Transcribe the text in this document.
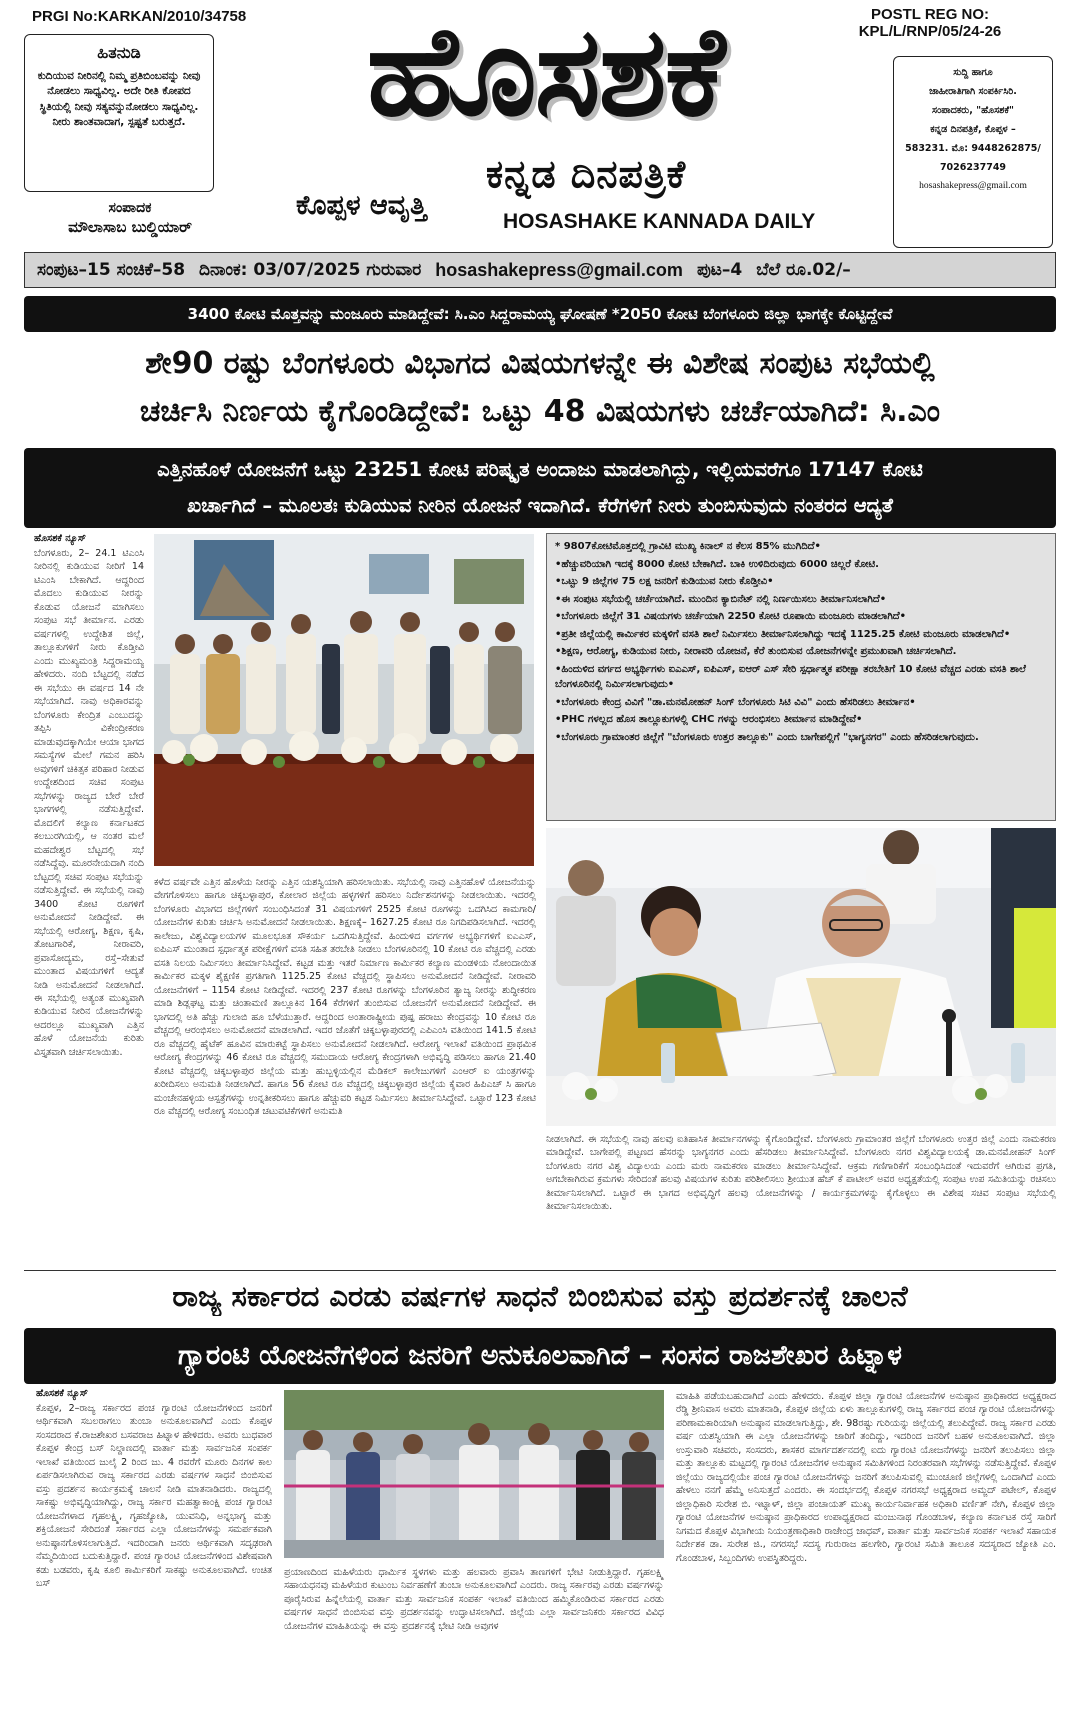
PRGI No:KARKAN/2010/34758	POSTL REG NO:
KPL/L/RNP/05/24-26
ಹಿತನುಡಿ
ಕುದಿಯುವ ನೀರಿನಲ್ಲಿ ನಿಮ್ಮ ಪ್ರತಿಬಿಂಬವನ್ನು ನೀವು ನೋಡಲು ಸಾಧ್ಯವಿಲ್ಲ. ಅದೇ ರೀತಿ ಕೋಪದ ಸ್ಥಿತಿಯಲ್ಲಿ ನೀವು ಸತ್ಯವನ್ನುನೋಡಲು ಸಾಧ್ಯವಿಲ್ಲ. ನೀರು ಶಾಂತವಾದಾಗ, ಸ್ಪಷ್ಟತೆ ಬರುತ್ತದೆ.
ಸಂಪಾದಕ
ಮೌಲಾಸಾಬ ಬುಲ್ಡಿಯಾರ್
ಹೊಸಶಕೆ
ಕೊಪ್ಪಳ ಆವೃತ್ತಿ
ಕನ್ನಡ ದಿನಪತ್ರಿಕೆ
HOSASHAKE KANNADA DAILY
ಸುದ್ದಿ ಹಾಗೂ
ಜಾಹೀರಾತಿಗಾಗಿ ಸಂಪರ್ಕಿಸಿರಿ.
ಸಂಪಾದಕರು, "ಹೊಸಶಕೆ"
ಕನ್ನಡ ದಿನಪತ್ರಿಕೆ, ಕೊಪ್ಪಳ –
583231. ಮೊ: 9448262875/
7026237749
hosashakepress@gmail.com
ಸಂಪುಟ–15 ಸಂಚಿಕೆ–58 ದಿನಾಂಕ: 03/07/2025 ಗುರುವಾರ hosashakepress@gmail.com ಪುಟ–4 ಬೆಲೆ ರೂ.02/–
3400 ಕೋಟಿ ಮೊತ್ತವನ್ನು ಮಂಜೂರು ಮಾಡಿದ್ದೇವೆ: ಸಿ.ಎಂ ಸಿದ್ದರಾಮಯ್ಯ ಘೋಷಣೆ *2050 ಕೋಟಿ ಬೆಂಗಳೂರು ಜಿಲ್ಲಾ ಭಾಗಕ್ಕೇ ಕೊಟ್ಟಿದ್ದೇವೆ
ಶೇ90 ರಷ್ಟು ಬೆಂಗಳೂರು ವಿಭಾಗದ ವಿಷಯಗಳನ್ನೇ ಈ ವಿಶೇಷ ಸಂಪುಟ ಸಭೆಯಲ್ಲಿ
ಚರ್ಚಿಸಿ ನಿರ್ಣಯ ಕೈಗೊಂಡಿದ್ದೇವೆ: ಒಟ್ಟು 48 ವಿಷಯಗಳು ಚರ್ಚೆಯಾಗಿದೆ: ಸಿ.ಎಂ
ಎತ್ತಿನಹೊಳೆ ಯೋಜನೆಗೆ ಒಟ್ಟು 23251 ಕೋಟಿ ಪರಿಷ್ಕೃತ ಅಂದಾಜು ಮಾಡಲಾಗಿದ್ದು, ಇಲ್ಲಿಯವರೆಗೂ 17147 ಕೋಟಿ
ಖರ್ಚಾಗಿದೆ – ಮೂಲತಃ ಕುಡಿಯುವ ನೀರಿನ ಯೋಜನೆ ಇದಾಗಿದೆ. ಕೆರೆಗಳಿಗೆ ನೀರು ತುಂಬಿಸುವುದು ನಂತರದ ಆದ್ಯತೆ
ಹೊಸಶಕೆ ನ್ಯೂಸ್
ಬೆಂಗಳೂರು, 2– 24.1 ಟಿಎಂಸಿ ನೀರಿನಲ್ಲಿ ಕುಡಿಯುವ ನೀರಿಗೆ 14 ಟಿಎಂಸಿ ಬೇಕಾಗಿದೆ. ಆದ್ದರಿಂದ ಮೊದಲು ಕುಡಿಯುವ ನೀರನ್ನು ಕೊಡುವ ಯೋಜನೆ ಮಾಗಿಸಲು ಸಂಪುಟ ಸಭೆ ತೀರ್ಮಾನ. ಎರಡು ವರ್ಷಗಳಲ್ಲಿ ಉದ್ದೇಶಿತ ಜಿಲ್ಲೆ, ತಾಲ್ಲೂಕುಗಳಿಗೆ ನೀರು ಕೊಡ್ತೀವಿ ಎಂದು ಮುಖ್ಯಮಂತ್ರಿ ಸಿದ್ದರಾಮಯ್ಯ ಹೇಳಿದರು. ನಂದಿ ಬೆಟ್ಟದಲ್ಲಿ ನಡೆದ ಈ ಸಭೆಯು ಈ ವರ್ಷದ 14 ನೇ ಸಭೆಯಾಗಿದೆ. ನಾವು ಅಧಿಕಾರವನ್ನು ಬೆಂಗಳೂರು ಕೇಂದ್ರಿತ ಎಂಬುದನ್ನು ತಪ್ಪಿಸಿ ವಿಕೇಂದ್ರೀಕರಣ ಮಾಡುವುದಕ್ಕಾಗಿಯೇ ಆಯಾ ಭಾಗದ ಸಮಸ್ಯೆಗಳ ಮೇಲೆ ಗಮನ ಹರಿಸಿ ಅವುಗಳಿಗೆ ಚಿಕಿತ್ಸಕ ಪರಿಹಾರ ನೀಡುವ ಉದ್ದೇಶದಿಂದ ಸಚಿವ ಸಂಪುಟ ಸಭೆಗಳನ್ನು ರಾಜ್ಯದ ಬೇರೆ ಬೇರೆ ಭಾಗಗಳಲ್ಲಿ ನಡೆಸುತ್ತಿದ್ದೇವೆ. ಮೊದಲಿಗೆ ಕಲ್ಯಾಣ ಕರ್ನಾಟಕದ ಕಲಬುರಗಿಯಲ್ಲಿ, ಆ ನಂತರ ಮಲೆ ಮಹದೇಶ್ವರ ಬೆಟ್ಟದಲ್ಲಿ ಸಭೆ ನಡೆಸಿದ್ದೆವು. ಮೂರನೇಯದಾಗಿ ನಂದಿ ಬೆಟ್ಟದಲ್ಲಿ ಸಚಿವ ಸಂಪುಟ ಸಭೆಯನ್ನು ನಡೆಸುತ್ತಿದ್ದೇವೆ. ಈ ಸಭೆಯಲ್ಲಿ ನಾವು 3400 ಕೋಟಿ ರೂಗಳಿಗೆ ಅನುಮೋದನೆ ನೀಡಿದ್ದೇವೆ. ಈ ಸಭೆಯಲ್ಲಿ ಆರೋಗ್ಯ, ಶಿಕ್ಷಣ, ಕೃಷಿ, ತೋಟಗಾರಿಕೆ, ನೀರಾವರಿ, ಪ್ರವಾಸೋದ್ಯಮ, ರಸ್ತೆ–ಸೇತುವೆ ಮುಂತಾದ ವಿಷಯಗಳಿಗೆ ಆದ್ಯತೆ ನೀಡಿ ಅನುಮೋದನೆ ನೀಡಲಾಗಿದೆ. ಈ ಸಭೆಯಲ್ಲಿ ಅತ್ಯಂತ ಮುಖ್ಯವಾಗಿ ಕುಡಿಯುವ ನೀರಿನ ಯೋಜನೆಗಳನ್ನು ಆದರಲ್ಲೂ ಮುಖ್ಯವಾಗಿ ಎತ್ತಿನ ಹೊಳೆ ಯೋಜನೆಯ ಕುರಿತು ವಿಸ್ತೃತವಾಗಿ ಚರ್ಚಿಸಲಾಯಿತು.

* 9807ಕೋಟಿಮೊತ್ತದಲ್ಲಿ ಗ್ರಾವಿಟಿ ಮುಖ್ಯ ಕಿನಾಲ್ ನ ಕೆಲಸ 85% ಮುಗಿದಿದೆ•

•ಹೆಚ್ಚುವರಿಯಾಗಿ ಇದಕ್ಕೆ 8000 ಕೋಟಿ ಬೇಕಾಗಿದೆ. ಬಾಕಿ ಉಳಿದಿರುವುದು 6000 ಚಿಲ್ಲರೆ ಕೋಟಿ.

•ಒಟ್ಟು 9 ಜಿಲ್ಲೆಗಳ 75 ಲಕ್ಷ ಜನರಿಗೆ ಕುಡಿಯುವ ನೀರು ಕೊಡ್ತೀವಿ•

•ಈ ಸಂಪುಟ ಸಭೆಯಲ್ಲಿ ಚರ್ಚೆಯಾಗಿದೆ. ಮುಂದಿನ ಕ್ಯಾಬಿನೆಟ್ ನಲ್ಲಿ ನಿರ್ಣಯಿಸಲು ತೀರ್ಮಾನಿಸಲಾಗಿದೆ•

•ಬೆಂಗಳೂರು ಜಿಲ್ಲೆಗೆ 31 ವಿಷಯಗಳು ಚರ್ಚೆಯಾಗಿ 2250 ಕೋಟಿ ರೂಪಾಯಿ ಮಂಜೂರು ಮಾಡಲಾಗಿದೆ•

•ಪ್ರತೀ ಜಿಲ್ಲೆಯಲ್ಲಿ ಕಾರ್ಮಿಕರ ಮಕ್ಕಳಿಗೆ ವಸತಿ ಶಾಲೆ ನಿರ್ಮಿಸಲು ತೀರ್ಮಾನಿಸಲಾಗಿದ್ದು ಇದಕ್ಕೆ 1125.25 ಕೋಟಿ ಮಂಜೂರು ಮಾಡಲಾಗಿದೆ•

•ಶಿಕ್ಷಣ, ಆರೋಗ್ಯ, ಕುಡಿಯುವ ನೀರು, ನೀರಾವರಿ ಯೋಜನೆ, ಕೆರೆ ತುಂಬಿಸುವ ಯೋಜನೆಗಳನ್ನೇ ಪ್ರಮುಖವಾಗಿ ಚರ್ಚಿಸಲಾಗಿದೆ.

•ಹಿಂದುಳಿದ ವರ್ಗದ ಅಭ್ಯರ್ಥಿಗಳು ಐಎಎಸ್, ಐಪಿಎಸ್, ಐಆರ್ ಎಸ್ ಸೇರಿ ಸ್ಪರ್ಧಾತ್ಮಕ ಪರೀಕ್ಷಾ ತರಬೇತಿಗೆ 10 ಕೋಟಿ ವೆಚ್ಚದ ಎರಡು ವಸತಿ ಶಾಲೆ ಬೆಂಗಳೂರಿನಲ್ಲಿ ನಿರ್ಮಿಸಲಾಗುವುದು•

•ಬೆಂಗಳೂರು ಕೇಂದ್ರ ವಿವಿಗೆ "ಡಾ.ಮನಮೋಹನ್ ಸಿಂಗ್ ಬೆಂಗಳೂರು ಸಿಟಿ ವಿವಿ" ಎಂದು ಹೆಸರಿಡಲು ತೀರ್ಮಾನ•

•PHC ಗಳಲ್ಲದ ಹೊಸ ತಾಲ್ಲೂಕುಗಳಲ್ಲಿ CHC ಗಳನ್ನು ಆರಂಭಿಸಲು ತೀರ್ಮಾನ ಮಾಡಿದ್ದೇವೆ•

•ಬೆಂಗಳೂರು ಗ್ರಾಮಾಂತರ ಜಿಲ್ಲೆಗೆ "ಬೆಂಗಳೂರು ಉತ್ತರ ತಾಲ್ಲೂಕು" ಎಂದು ಬಾಗೇಪಲ್ಲಿಗೆ "ಭಾಗ್ಯನಗರ" ಎಂದು ಹೆಸರಿಡಲಾಗುವುದು.

ಕಳೆದ ವರ್ಷವೇ ಎತ್ತಿನ ಹೊಳೆಯ ನೀರನ್ನು ಎತ್ತಿನ ಯಶಸ್ವಿಯಾಗಿ ಹರಿಸಲಾಯಿತು. ಸಭೆಯಲ್ಲಿ ನಾವು ಎತ್ತಿನಹೊಳೆ ಯೋಜನೆಯನ್ನು ವೇಗಗೊಳಿಸಲು ಹಾಗೂ ಚಿಕ್ಕಬಳ್ಳಾಪುರ, ಕೋಲಾರ ಜಿಲ್ಲೆಯ ಹಳ್ಳಗಳಿಗೆ ಹರಿಸಲು ನಿರ್ದೇಶನಗಳನ್ನು ನೀಡಲಾಯಿತು. ಇದರಲ್ಲಿ ಬೆಂಗಳೂರು ವಿಭಾಗದ ಜಿಲ್ಲೆಗಳಿಗೆ ಸಂಬಂಧಿಸಿದಂತೆ 31 ವಿಷಯಗಳಿಗೆ 2525 ಕೋಟಿ ರೂಗಳನ್ನು ಒದಗಿಸಿದ ಕಾಮಗಾರಿ/ಯೋಜನೆಗಳ ಕುರಿತು ಚರ್ಚಿಸಿ ಅನುಮೋದನೆ ನೀಡಲಾಯಿತು. ಶಿಕ್ಷಣಕ್ಕೆ– 1627.25 ಕೋಟಿ ರೂ ನಿಗದಿಪಡಿಸಲಾಗಿದೆ. ಇದರಲ್ಲಿ ಕಾಲೇಜು, ವಿಶ್ವವಿದ್ಯಾಲಯಗಳ ಮೂಲಭೂತ ಸೌಕರ್ಯ ಒದಗಿಸುತ್ತಿದ್ದೇವೆ. ಹಿಂದುಳಿದ ವರ್ಗಗಳ ಅಭ್ಯರ್ಥಿಗಳಿಗೆ ಐಎಎಸ್, ಐಪಿಎಸ್ ಮುಂತಾದ ಸ್ಪರ್ಧಾತ್ಮಕ ಪರೀಕ್ಷೆಗಳಿಗೆ ವಸತಿ ಸಹಿತ ತರಬೇತಿ ನೀಡಲು ಬೆಂಗಳೂರಿನಲ್ಲಿ 10 ಕೋಟಿ ರೂ ವೆಚ್ಚದಲ್ಲಿ ಎರಡು ವಸತಿ ನಿಲಯ ನಿರ್ಮಿಸಲು ತೀರ್ಮಾನಿಸಿದ್ದೇವೆ. ಕಟ್ಟಡ ಮತ್ತು ಇತರೆ ನಿರ್ಮಾಣ ಕಾರ್ಮಿಕರ ಕಲ್ಯಾಣ ಮಂಡಳಿಯ ನೋಂದಾಯಿತ ಕಾರ್ಮಿಕರ ಮಕ್ಕಳ ಶೈಕ್ಷಣಿಕ ಪ್ರಗತಿಗಾಗಿ 1125.25 ಕೋಟಿ ವೆಚ್ಚದಲ್ಲಿ ಸ್ಥಾಪಿಸಲು ಅನುಮೋದನೆ ನೀಡಿದ್ದೇವೆ. ನೀರಾವರಿ ಯೋಜನೆಗಳಿಗೆ – 1154 ಕೋಟಿ ನೀಡಿದ್ದೇವೆ. ಇದರಲ್ಲಿ 237 ಕೋಟಿ ರೂಗಳನ್ನು ಬೆಂಗಳೂರಿನ ತ್ಯಾಜ್ಯ ನೀರನ್ನು ಶುದ್ಧೀಕರಣ ಮಾಡಿ ಶಿಡ್ಲಘಟ್ಟ ಮತ್ತು ಚಿಂತಾಮಣಿ ತಾಲ್ಲೂಕಿನ 164 ಕೆರೆಗಳಿಗೆ ತುಂಬಿಸುವ ಯೋಜನೆಗೆ ಅನುಮೋದನೆ ನೀಡಿದ್ದೇವೆ. ಈ ಭಾಗದಲ್ಲಿ ಅತಿ ಹೆಚ್ಚು ಗುಲಾಬಿ ಹೂ ಬೆಳೆಯುತ್ತಾರೆ. ಆದ್ದರಿಂದ ಅಂತಾರಾಷ್ಟ್ರೀಯ ಪುಷ್ಪ ಹರಾಜು ಕೇಂದ್ರವನ್ನು 10 ಕೋಟಿ ರೂ ವೆಚ್ಚದಲ್ಲಿ ಆರಂಭಿಸಲು ಅನುಮೋದನೆ ಮಾಡಲಾಗಿದೆ. ಇದರ ಜೊತೆಗೆ ಚಿಕ್ಕಬಳ್ಳಾಪುರದಲ್ಲಿ ಎಪಿಎಂಸಿ ವತಿಯಿಂದ 141.5 ಕೋಟಿ ರೂ ವೆಚ್ಚದಲ್ಲಿ ಹೈಟೆಕ್ ಹೂವಿನ ಮಾರುಕಟ್ಟೆ ಸ್ಥಾಪಿಸಲು ಅನುಮೋದನೆ ನೀಡಲಾಗಿದೆ. ಆರೋಗ್ಯ ಇಲಾಖೆ ವತಿಯಿಂದ ಪ್ರಾಥಮಿಕ ಆರೋಗ್ಯ ಕೇಂದ್ರಗಳನ್ನು 46 ಕೋಟಿ ರೂ ವೆಚ್ಚದಲ್ಲಿ ಸಮುದಾಯ ಆರೋಗ್ಯ ಕೇಂದ್ರಗಳಾಗಿ ಅಭಿವೃದ್ಧಿ ಪಡಿಸಲು ಹಾಗೂ 21.40 ಕೋಟಿ ವೆಚ್ಚದಲ್ಲಿ ಚಿಕ್ಕಬಳ್ಳಾಪುರ ಜಿಲ್ಲೆಯ ಮತ್ತು ಹುಬ್ಬಳ್ಳಿಯಲ್ಲಿನ ಮೆಡಿಕಲ್ ಕಾಲೇಜುಗಳಿಗೆ ಎಂಆರ್ ಐ ಯಂತ್ರಗಳನ್ನು ಖರೀದಿಸಲು ಅನುಮತಿ ನೀಡಲಾಗಿದೆ. ಹಾಗೂ 56 ಕೋಟಿ ರೂ ವೆಚ್ಚದಲ್ಲಿ ಚಿಕ್ಕಬಳ್ಳಾಪುರ ಜಿಲ್ಲೆಯ ಕೈವಾರ ಹಿಪಿಎಚ್ ಸಿ ಹಾಗೂ ಮಂಚೇನಹಳ್ಳಿಯ ಆಸ್ಪತ್ರೆಗಳನ್ನು ಉನ್ನತೀಕರಿಸಲು ಹಾಗೂ ಹೆಚ್ಚುವರಿ ಕಟ್ಟಡ ನಿರ್ಮಿಸಲು ತೀರ್ಮಾನಿಸಿದ್ದೇವೆ. ಒಟ್ಟಾರೆ 123 ಕೋಟಿ ರೂ ವೆಚ್ಚದಲ್ಲಿ ಆರೋಗ್ಯ ಸಂಬಂಧಿತ ಚಟುವಟಿಕೆಗಳಿಗೆ ಅನುಮತಿ
ನೀಡಲಾಗಿದೆ. ಈ ಸಭೆಯಲ್ಲಿ ನಾವು ಹಲವು ಐತಿಹಾಸಿಕ ತೀರ್ಮಾನಗಳನ್ನು ಕೈಗೊಂಡಿದ್ದೇವೆ. ಬೆಂಗಳೂರು ಗ್ರಾಮಾಂತರ ಜಿಲ್ಲೆಗೆ ಬೆಂಗಳೂರು ಉತ್ತರ ಜಿಲ್ಲೆ ಎಂದು ನಾಮಕರಣ ಮಾಡಿದ್ದೇವೆ. ಬಾಗೇಪಲ್ಲಿ ಪಟ್ಟಣದ ಹೆಸರನ್ನು ಭಾಗ್ಯನಗರ ಎಂದು ಹೆಸರಿಡಲು ತೀರ್ಮಾನಿಸಿದ್ದೇವೆ. ಬೆಂಗಳೂರು ನಗರ ವಿಶ್ವವಿದ್ಯಾಲಯಕ್ಕೆ ಡಾ.ಮನಮೋಹನ್ ಸಿಂಗ್ ಬೆಂಗಳೂರು ನಗರ ವಿಶ್ವ ವಿದ್ಯಾಲಯ ಎಂದು ಮರು ನಾಮಕರಣ ಮಾಡಲು ತೀರ್ಮಾನಿಸಿದ್ದೇವೆ. ಆಕ್ರಮ ಗಣಿಗಾರಿಕೆಗೆ ಸಂಬಂಧಿಸಿದಂತೆ ಇದುವರೆಗೆ ಆಗಿರುವ ಪ್ರಗತಿ, ಅಗಬೇಕಾಗಿರುವ ಕ್ರಮಗಳು ಸೇರಿದಂತೆ ಹಲವು ವಿಷಯಗಳ ಕುರಿತು ಪರಿಶೀಲಿಸಲು ಶ್ರೀಯುತ ಹೆಚ್ ಕೆ ಪಾಟೀಲ್ ಅವರ ಅಧ್ಯಕ್ಷತೆಯಲ್ಲಿ ಸಂಪುಟ ಉಪ ಸಮಿತಿಯನ್ನು ರಚಿಸಲು ತೀರ್ಮಾನಿಸಲಾಗಿದೆ. ಒಟ್ಟಾರೆ ಈ ಭಾಗದ ಅಭಿವೃದ್ಧಿಗೆ ಹಲವು ಯೋಜನೆಗಳನ್ನು / ಕಾರ್ಯಕ್ರಮಗಳನ್ನು ಕೈಗೊಳ್ಳಲು ಈ ವಿಶೇಷ ಸಚಿವ ಸಂಪುಟ ಸಭೆಯಲ್ಲಿ ತೀರ್ಮಾನಿಸಲಾಯಿತು.
ರಾಜ್ಯ ಸರ್ಕಾರದ ಎರಡು ವರ್ಷಗಳ ಸಾಧನೆ ಬಿಂಬಿಸುವ ವಸ್ತು ಪ್ರದರ್ಶನಕ್ಕೆ ಚಾಲನೆ
ಗ್ಯಾರಂಟಿ ಯೋಜನೆಗಳಿಂದ ಜನರಿಗೆ ಅನುಕೂಲವಾಗಿದೆ – ಸಂಸದ ರಾಜಶೇಖರ ಹಿಟ್ನಾಳ
ಹೊಸಶಕೆ ನ್ಯೂಸ್
ಕೊಪ್ಪಳ, 2–ರಾಜ್ಯ ಸರ್ಕಾರದ ಪಂಚ ಗ್ಯಾರಂಟಿ ಯೋಜನೆಗಳಿಂದ ಜನರಿಗೆ ಆರ್ಥಿಕವಾಗಿ ಸಬಲರಾಗಲು ತುಂಬಾ ಅನುಕೂಲವಾಗಿದೆ ಎಂದು ಕೊಪ್ಪಳ ಸಂಸದರಾದ ಕೆ.ರಾಜಶೇಖರ ಬಸವರಾಜ ಹಿಟ್ನಾಳ ಹೇಳಿದರು. ಅವರು ಬುಧವಾರ ಕೊಪ್ಪಳ ಕೇಂದ್ರ ಬಸ್ ನಿಲ್ದಾಣದಲ್ಲಿ ವಾರ್ತಾ ಮತ್ತು ಸಾರ್ವಜನಿಕ ಸಂಪರ್ಕ ಇಲಾಖೆ ವತಿಯಿಂದ ಜುಲೈ 2 ರಿಂದ ಜು. 4 ರವರೆಗೆ ಮೂರು ದಿನಗಳ ಕಾಲ ಏರ್ಪಡಿಸಲಾಗಿರುವ ರಾಜ್ಯ ಸರ್ಕಾರದ ಎರಡು ವರ್ಷಗಳ ಸಾಧನೆ ಬಿಂಬಿಸುವ ವಸ್ತು ಪ್ರದರ್ಶನ ಕಾರ್ಯಕ್ರಮಕ್ಕೆ ಚಾಲನೆ ನೀಡಿ ಮಾತನಾಡಿದರು. ರಾಜ್ಯದಲ್ಲಿ ಸಾಕಷ್ಟು ಅಭಿವೃದ್ಧಿಯಾಗಿದ್ದು, ರಾಜ್ಯ ಸರ್ಕಾರ ಮಹತ್ವಾಕಾಂಕ್ಷಿ ಪಂಚ ಗ್ಯಾರಂಟಿ ಯೋಜನೆಗಳಾದ ಗೃಹಲಕ್ಷ್ಮಿ, ಗೃಹಜ್ಯೋತಿ, ಯುವನಿಧಿ, ಅನ್ನಭಾಗ್ಯ ಮತ್ತು ಶಕ್ತಿಯೋಜನೆ ಸೇರಿದಂತೆ ಸರ್ಕಾರದ ಎಲ್ಲಾ ಯೋಜನೆಗಳನ್ನು ಸಮರ್ಪಕವಾಗಿ ಅನುಷ್ಠಾನಗೊಳಿಸಲಾಗುತ್ತಿದೆ. ಇದರಿಂದಾಗಿ ಜನರು ಆರ್ಥಿಕವಾಗಿ ಸದೃಢರಾಗಿ ನೆಮ್ಮದಿಯಿಂದ ಬದುಕುತ್ತಿದ್ದಾರೆ. ಪಂಚ ಗ್ಯಾರಂಟಿ ಯೋಜನೆಗಳಿಂದ ವಿಶೇಷವಾಗಿ ಕಡು ಬಡವರು, ಕೃಷಿ ಕೂಲಿ ಕಾರ್ಮಿಕರಿಗೆ ಸಾಕಷ್ಟು ಅನುಕೂಲವಾಗಿದೆ. ಉಚಿತ ಬಸ್
ಪ್ರಯಾಣದಿಂದ ಮಹಿಳೆಯರು ಧಾರ್ಮಿಕ ಸ್ಥಳಗಳು ಮತ್ತು ಹಲವಾರು ಪ್ರವಾಸಿ ತಾಣಗಳಿಗೆ ಭೇಟಿ ನೀಡುತ್ತಿದ್ದಾರೆ. ಗೃಹಲಕ್ಷ್ಮಿ ಸಹಾಯಧನವು ಮಹಿಳೆಯರ ಕುಟುಂಬ ನಿರ್ವಹಣೆಗೆ ತುಂಬಾ ಅನುಕೂಲವಾಗಿದೆ ಎಂದರು. ರಾಜ್ಯ ಸರ್ಕಾರವು ಎರಡು ವರ್ಷಗಳನ್ನು ಪೂರೈಸಿರುವ ಹಿನ್ನೆಲೆಯಲ್ಲಿ ವಾರ್ತಾ ಮತ್ತು ಸಾರ್ವಜನಿಕ ಸಂಪರ್ಕ ಇಲಾಖೆ ವತಿಯಿಂದ ಹಮ್ಮಿಕೊಂಡಿರುವ ಸರ್ಕಾರದ ಎರಡು ವರ್ಷಗಳ ಸಾಧನೆ ಬಿಂಬಿಸುವ ವಸ್ತು ಪ್ರದರ್ಶನವನ್ನು ಉದ್ಘಾಟಿಸಲಾಗಿದೆ. ಜಿಲ್ಲೆಯ ಎಲ್ಲಾ ಸಾರ್ವಜನಿಕರು ಸರ್ಕಾರದ ವಿವಿಧ ಯೋಜನೆಗಳ ಮಾಹಿತಿಯನ್ನು ಈ ವಸ್ತು ಪ್ರದರ್ಶನಕ್ಕೆ ಭೇಟಿ ನೀಡಿ ಅವುಗಳ
ಮಾಹಿತಿ ಪಡೆಯಬಹುದಾಗಿದೆ ಎಂದು ಹೇಳಿದರು. ಕೊಪ್ಪಳ ಜಿಲ್ಲಾ ಗ್ಯಾರಂಟಿ ಯೋಜನೆಗಳ ಅನುಷ್ಠಾನ ಪ್ರಾಧಿಕಾರದ ಅಧ್ಯಕ್ಷರಾದ ರೆಡ್ಡಿ ಶ್ರೀನಿವಾಸ ಅವರು ಮಾತನಾಡಿ, ಕೊಪ್ಪಳ ಜಿಲ್ಲೆಯ ಏಳು ತಾಲ್ಲೂಕುಗಳಲ್ಲಿ ರಾಜ್ಯ ಸರ್ಕಾರದ ಪಂಚ ಗ್ಯಾರಂಟಿ ಯೋಜನೆಗಳನ್ನು ಪರಿಣಾಮಕಾರಿಯಾಗಿ ಅನುಷ್ಠಾನ ಮಾಡಲಾಗುತ್ತಿದ್ದು, ಶೇ. 98ರಷ್ಟು ಗುರಿಯನ್ನು ಜಿಲ್ಲೆಯಲ್ಲಿ ತಲುಪಿದ್ದೇವೆ. ರಾಜ್ಯ ಸರ್ಕಾರ ಎರಡು ವರ್ಷ ಯಶಸ್ವಿಯಾಗಿ ಈ ಎಲ್ಲಾ ಯೋಜನೆಗಳನ್ನು ಜಾರಿಗೆ ತಂದಿದ್ದು, ಇದರಿಂದ ಜನರಿಗೆ ಬಹಳ ಅನುಕೂಲವಾಗಿದೆ. ಜಿಲ್ಲಾ ಉಸ್ತುವಾರಿ ಸಚಿವರು, ಸಂಸದರು, ಶಾಸಕರ ಮಾರ್ಗದರ್ಶನದಲ್ಲಿ ಐದು ಗ್ಯಾರಂಟಿ ಯೋಜನೆಗಳನ್ನು ಜನರಿಗೆ ತಲುಪಿಸಲು ಜಿಲ್ಲಾ ಮತ್ತು ತಾಲ್ಲೂಕು ಮಟ್ಟದಲ್ಲಿ ಗ್ಯಾರಂಟಿ ಯೋಜನೆಗಳ ಅನುಷ್ಠಾನ ಸಮಿತಿಗಳಿಂದ ನಿರಂತರವಾಗಿ ಸಭೆಗಳನ್ನು ನಡೆಸುತ್ತಿದ್ದೇವೆ. ಕೊಪ್ಪಳ ಜಿಲ್ಲೆಯು ರಾಜ್ಯದಲ್ಲಿಯೇ ಪಂಚ ಗ್ಯಾರಂಟಿ ಯೋಜನೆಗಳನ್ನು ಜನರಿಗೆ ತಲುಪಿಸುವಲ್ಲಿ ಮುಂಚೂಣಿ ಜಿಲ್ಲೆಗಳಲ್ಲಿ ಒಂದಾಗಿದೆ ಎಂದು ಹೇಳಲು ನನಗೆ ಹೆಮ್ಮೆ ಅನಿಸುತ್ತದೆ ಎಂದರು. ಈ ಸಂದರ್ಭದಲ್ಲಿ ಕೊಪ್ಪಳ ನಗರಸಭೆ ಅಧ್ಯಕ್ಷರಾದ ಅಮ್ಜದ್ ಪಟೇಲ್, ಕೊಪ್ಪಳ ಜಿಲ್ಲಾಧಿಕಾರಿ ಸುರೇಶ ಬಿ. ಇಟ್ನಾಳ್, ಜಿಲ್ಲಾ ಪಂಚಾಯತ್ ಮುಖ್ಯ ಕಾರ್ಯನಿರ್ವಾಹಕ ಅಧಿಕಾರಿ ವರ್ಣಿತ್ ನೇಗಿ, ಕೊಪ್ಪಳ ಜಿಲ್ಲಾ ಗ್ಯಾರಂಟಿ ಯೋಜನೆಗಳ ಅನುಷ್ಠಾನ ಪ್ರಾಧಿಕಾರದ ಉಪಾಧ್ಯಕ್ಷರಾದ ಮಂಜುನಾಥ ಗೊಂಡಬಾಳ, ಕಲ್ಯಾಣ ಕರ್ನಾಟಕ ರಸ್ತೆ ಸಾರಿಗೆ ನಿಗಮದ ಕೊಪ್ಪಳ ವಿಭಾಗೀಯ ನಿಯಂತ್ರಣಾಧಿಕಾರಿ ರಾಜೇಂದ್ರ ಜಾಧವ್, ವಾರ್ತಾ ಮತ್ತು ಸಾರ್ವಜನಿಕ ಸಂಪರ್ಕ ಇಲಾಖೆ ಸಹಾಯಕ ನಿರ್ದೇಶಕ ಡಾ. ಸುರೇಶ ಜಿ., ನಗರಸಭೆ ಸದಸ್ಯ ಗುರುರಾಜ ಹಲಗೇರಿ, ಗ್ಯಾರಂಟಿ ಸಮಿತಿ ತಾಲೂಕ ಸದಸ್ಯರಾದ ಜ್ಯೋತಿ ಎಂ. ಗೊಂಡಬಾಳ, ಸಿಬ್ಬಂದಿಗಳು ಉಪಸ್ಥಿತರಿದ್ದರು.
